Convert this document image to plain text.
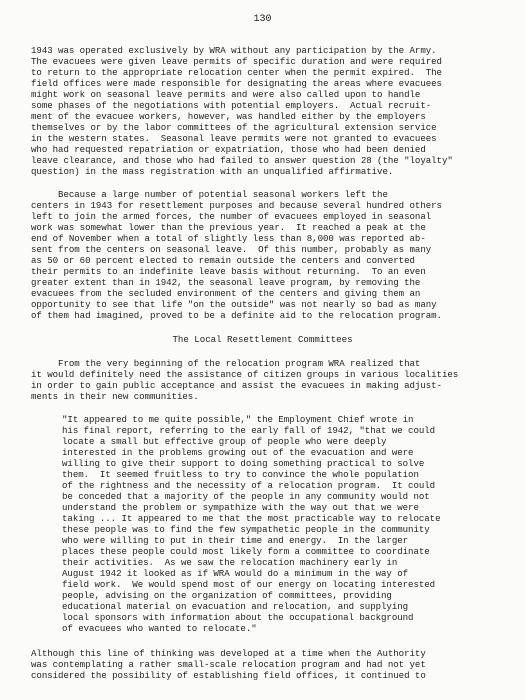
130
1943 was operated exclusively by WRA without any participation by the Army.
The evacuees were given leave permits of specific duration and were required
to return to the appropriate relocation center when the permit expired.  The
field offices were made responsible for designating the areas where evacuees
might work on seasonal leave permits and were also called upon to handle
some phases of the negotiations with potential employers.  Actual recruit-
ment of the evacuee workers, however, was handled either by the employers
themselves or by the labor committees of the agricultural extension service
in the western states.  Seasonal leave permits were not granted to evacuees
who had requested repatriation or expatriation, those who had been denied
leave clearance, and those who had failed to answer question 28 (the "loyalty"
question) in the mass registration with an unqualified affirmative.
Because a large number of potential seasonal workers left the
centers in 1943 for resettlement purposes and because several hundred others
left to join the armed forces, the number of evacuees employed in seasonal
work was somewhat lower than the previous year.  It reached a peak at the
end of November when a total of slightly less than 8,000 was reported ab-
sent from the centers on seasonal leave.  Of this number, probably as many
as 50 or 60 percent elected to remain outside the centers and converted
their permits to an indefinite leave basis without returning.  To an even
greater extent than in 1942, the seasonal leave program, by removing the
evacuees from the secluded environment of the centers and giving them an
opportunity to see that life "on the outside" was not nearly so bad as many
of them had imagined, proved to be a definite aid to the relocation program.
The Local Resettlement Committees
From the very beginning of the relocation program WRA realized that
it would definitely need the assistance of citizen groups in various localities
in order to gain public acceptance and assist the evacuees in making adjust-
ments in their new communities.
"It appeared to me quite possible," the Employment Chief wrote in
his final report, referring to the early fall of 1942, "that we could
locate a small but effective group of people who were deeply
interested in the problems growing out of the evacuation and were
willing to give their support to doing something practical to solve
them.  It seemed fruitless to try to convince the whole population
of the rightness and the necessity of a relocation program.  It could
be conceded that a majority of the people in any community would not
understand the problem or sympathize with the way out that we were
taking ... It appeared to me that the most practicable way to relocate
these people was to find the few sympathetic people in the community
who were willing to put in their time and energy.  In the larger
places these people could most likely form a committee to coordinate
their activities.  As we saw the relocation machinery early in
August 1942 it looked as if WRA would do a minimum in the way of
field work.  We would spend most of our energy on locating interested
people, advising on the organization of committees, providing
educational material on evacuation and relocation, and supplying
local sponsors with information about the occupational background
of evacuees who wanted to relocate."
Although this line of thinking was developed at a time when the Authority
was contemplating a rather small-scale relocation program and had not yet
considered the possibility of establishing field offices, it continued to
